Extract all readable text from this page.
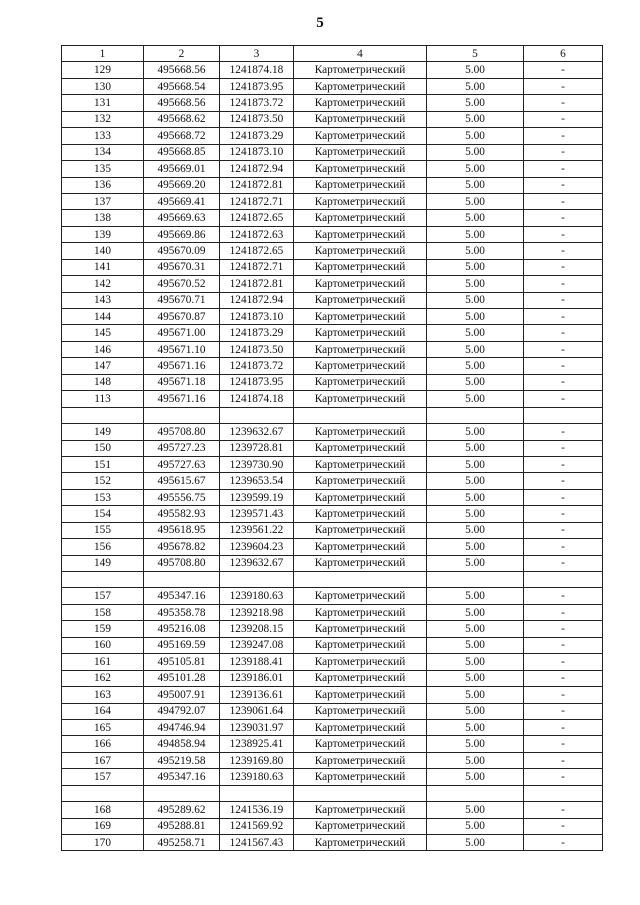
5
1	2	3	4	5	6
129	495668.56	1241874.18	Картометрический	5.00	-
130	495668.54	1241873.95	Картометрический	5.00	-
131	495668.56	1241873.72	Картометрический	5.00	-
132	495668.62	1241873.50	Картометрический	5.00	-
133	495668.72	1241873.29	Картометрический	5.00	-
134	495668.85	1241873.10	Картометрический	5.00	-
135	495669.01	1241872.94	Картометрический	5.00	-
136	495669.20	1241872.81	Картометрический	5.00	-
137	495669.41	1241872.71	Картометрический	5.00	-
138	495669.63	1241872.65	Картометрический	5.00	-
139	495669.86	1241872.63	Картометрический	5.00	-
140	495670.09	1241872.65	Картометрический	5.00	-
141	495670.31	1241872.71	Картометрический	5.00	-
142	495670.52	1241872.81	Картометрический	5.00	-
143	495670.71	1241872.94	Картометрический	5.00	-
144	495670.87	1241873.10	Картометрический	5.00	-
145	495671.00	1241873.29	Картометрический	5.00	-
146	495671.10	1241873.50	Картометрический	5.00	-
147	495671.16	1241873.72	Картометрический	5.00	-
148	495671.18	1241873.95	Картометрический	5.00	-
113	495671.16	1241874.18	Картометрический	5.00	-

149	495708.80	1239632.67	Картометрический	5.00	-
150	495727.23	1239728.81	Картометрический	5.00	-
151	495727.63	1239730.90	Картометрический	5.00	-
152	495615.67	1239653.54	Картометрический	5.00	-
153	495556.75	1239599.19	Картометрический	5.00	-
154	495582.93	1239571.43	Картометрический	5.00	-
155	495618.95	1239561.22	Картометрический	5.00	-
156	495678.82	1239604.23	Картометрический	5.00	-
149	495708.80	1239632.67	Картометрический	5.00	-

157	495347.16	1239180.63	Картометрический	5.00	-
158	495358.78	1239218.98	Картометрический	5.00	-
159	495216.08	1239208.15	Картометрический	5.00	-
160	495169.59	1239247.08	Картометрический	5.00	-
161	495105.81	1239188.41	Картометрический	5.00	-
162	495101.28	1239186.01	Картометрический	5.00	-
163	495007.91	1239136.61	Картометрический	5.00	-
164	494792.07	1239061.64	Картометрический	5.00	-
165	494746.94	1239031.97	Картометрический	5.00	-
166	494858.94	1238925.41	Картометрический	5.00	-
167	495219.58	1239169.80	Картометрический	5.00	-
157	495347.16	1239180.63	Картометрический	5.00	-

168	495289.62	1241536.19	Картометрический	5.00	-
169	495288.81	1241569.92	Картометрический	5.00	-
170	495258.71	1241567.43	Картометрический	5.00	-
